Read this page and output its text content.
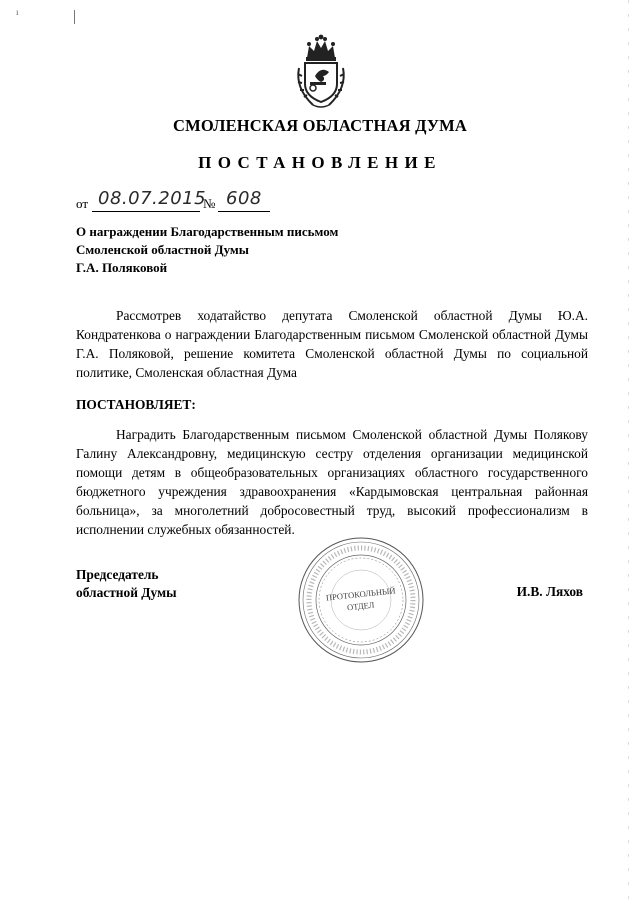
ı
СМОЛЕНСКАЯ ОБЛАСТНАЯ ДУМА
ПОСТАНОВЛЕНИЕ
от 08.07.2015
№ 608
О награждении Благодарственным письмом
Смоленской областной Думы
Г.А. Поляковой
Рассмотрев ходатайство депутата Смоленской областной Думы Ю.А. Кондратенкова о награждении Благодарственным письмом Смоленской областной Думы Г.А. Поляковой, решение комитета Смоленской областной Думы по социальной политике, Смоленская областная Дума
ПОСТАНОВЛЯЕТ:
Наградить Благодарственным письмом Смоленской областной Думы Полякову Галину Александровну, медицинскую сестру отделения организации медицинской помощи детям в общеобразовательных организациях областного государственного бюджетного учреждения здравоохранения «Кардымовская центральная районная больница», за многолетний добросовестный труд, высокий профессионализм в исполнении служебных обязанностей.
Председатель
областной Думы	ПРОТОКОЛЬНЫЙ
ОТДЕЛ
И.В. Ляхов
